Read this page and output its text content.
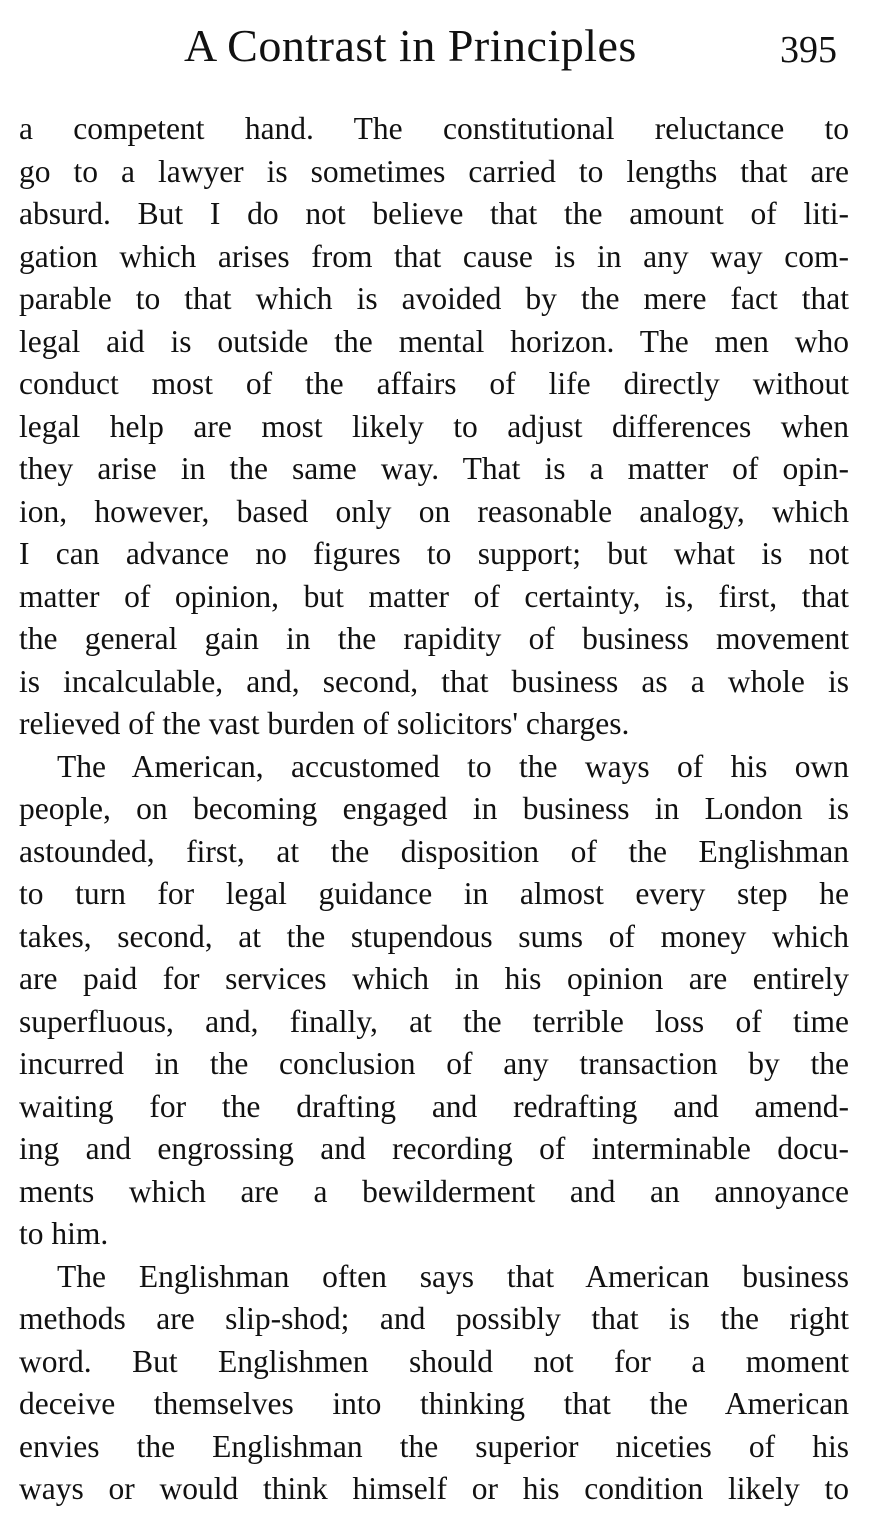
A Contrast in Principles	395
a competent hand. The constitutional reluctance to
go to a lawyer is sometimes carried to lengths that are
absurd. But I do not believe that the amount of liti-
gation which arises from that cause is in any way com-
parable to that which is avoided by the mere fact that
legal aid is outside the mental horizon. The men who
conduct most of the affairs of life directly without
legal help are most likely to adjust differences when
they arise in the same way. That is a matter of opin-
ion, however, based only on reasonable analogy, which
I can advance no figures to support; but what is not
matter of opinion, but matter of certainty, is, first, that
the general gain in the rapidity of business movement
is incalculable, and, second, that business as a whole is
relieved of the vast burden of solicitors' charges.
The American, accustomed to the ways of his own
people, on becoming engaged in business in London is
astounded, first, at the disposition of the Englishman
to turn for legal guidance in almost every step he
takes, second, at the stupendous sums of money which
are paid for services which in his opinion are entirely
superfluous, and, finally, at the terrible loss of time
incurred in the conclusion of any transaction by the
waiting for the drafting and redrafting and amend-
ing and engrossing and recording of interminable docu-
ments which are a bewilderment and an annoyance
to him.
The Englishman often says that American business
methods are slip-shod; and possibly that is the right
word. But Englishmen should not for a moment
deceive themselves into thinking that the American
envies the Englishman the superior niceties of his
ways or would think himself or his condition likely to
